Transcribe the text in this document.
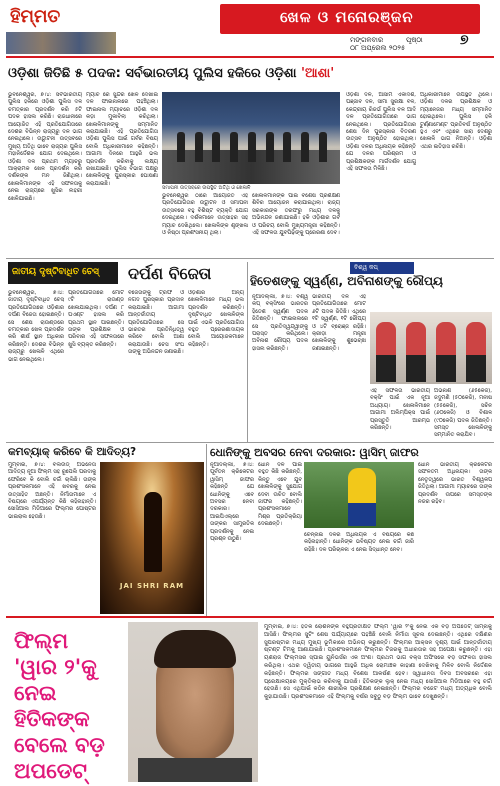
ହିମ୍ମତ	ଖେଳ ଓ ମନୋରଞ୍ଜନ
ମଙ୍ଗଳବାର	ପୃଷ୍ଠା
୦୮ ଅପ୍ରେଲ ୨୦୨୫	୭
ଓଡ଼ିଶା ଜିତିଛି ୫ ପଦକ: ସର୍ବଭାରତୀୟ ପୁଲିସ ହକିରେ ଓଡ଼ିଶା 'ଆଶା'
ଭୁବନେଶ୍ୱର, ୭।୪: ସର୍ବଭାରତୀୟ ପୁଲିସ ହକିରେ ଓଡ଼ିଶା ପୁଲିସ ଦଳ ଚମତ୍କାର ପ୍ରଦର୍ଶନ କରି ୫ଟି ପଦକ ହାସଲ କରିଛି। ରାଜଧାନୀରେ ଆୟୋଜିତ ଏହି ପ୍ରତିଯୋଗିତାରେ ଦେଶର ବିଭିନ୍ନ ରାଜ୍ୟରୁ ଦଳ ଭାଗ ନେଇଥିଲେ। ଉଦ୍ଘାଟନୀ ଉତ୍ସବରେ ମୁଖ୍ୟ ଅତିଥି ଭାବେ ରାଜ୍ୟର ପୁଲିସ ମହାନିର୍ଦ୍ଦେଶକ ଯୋଗ ଦେଇଥିଲେ। ଓଡ଼ିଶା ଦଳ ପ୍ରଥମ ମ୍ୟାଚରୁ ଆକ୍ରାମକ ଖେଳ ପ୍ରଦର୍ଶନ କରି ଦର୍ଶକଙ୍କ ମନ ଜିଣିଥିଲା। ଖେଳାଳିମାନଙ୍କ ଏହି ସଫଳତାକୁ ନେଇ ରାଜ୍ୟରେ ଖୁସିର ଲହରୀ ଖେଳିଯାଇଛି।
ମ୍ୟାଚ ରେ ସୁନ୍ଦର ଖେଳ ଦେଖାଇ ଦଳ ଫାଇନାଲରେ ପହଞ୍ଚିଥିଲା। ଫାଇନାଲ ମ୍ୟାଚରେ ଓଡ଼ିଶା ଦଳ କଡ଼ା ମୁକାବିଲା କରିଥିଲା। ଖେଳାଳିମାନଙ୍କୁ ସମ୍ମାନିତ କରାଯାଇଛି। ଏହି ପ୍ରତିଯୋଗିତା ଓଡ଼ିଶା ପୁଲିସ ପାଇଁ ଗର୍ବର ବିଷୟ ବୋଲି ଅଧିକାରୀମାନେ କହିଛନ୍ତି। ଆଗାମୀ ଦିନରେ ଆହୁରି ଭଲ ପ୍ରଦର୍ଶନ କରିବାକୁ ଲକ୍ଷ୍ୟ ରଖାଯାଇଛି। ପୁଲିସ ବିଭାଗ ପକ୍ଷରୁ ଖେଳାଳିଙ୍କୁ ପୁରସ୍କାର ଘୋଷଣା କରାଯାଇଛି।
ସମାପନୀ ଉତ୍ସବରେ ଉପସ୍ଥିତ ଅତିଥି ଓ ଖେଳାଳି
ଭୁବନେଶ୍ୱର ଠାରେ ଆୟୋଜିତ ଏହି ପ୍ରତିଯୋଗିତାର ଉଦ୍ଘାଟନ ଓ ସମାପନୀ ଉତ୍ସବରେ ବହୁ ବିଶିଷ୍ଟ ବ୍ୟକ୍ତି ଯୋଗ ଦେଇଥିଲେ। ଦର୍ଶକମାନେ ଉତ୍ସାହର ସହ ମ୍ୟାଚ ଦେଖିଥିଲେ। ଖେଳାଳିଙ୍କ ଶୃଙ୍ଖଳା ଓ ନିଷ୍ଠା ପ୍ରଶଂସନୀୟ ଥିଲା।
ଖେଳାଳିମାନଙ୍କ ପାଇଁ ବିଶେଷ ପ୍ରଶିକ୍ଷଣ ଶିବିର ଆୟୋଜନ କରାଯାଇଥିଲା। ରାଜ୍ୟ ସରକାରଙ୍କ ତରଫରୁ ମଧ୍ୟ ଦଳକୁ ଅଭିନନ୍ଦନ ଜଣାଯାଇଛି। ହକି ଓଡ଼ିଶାର ଗର୍ବ ଓ ପରିଚୟ ବୋଲି ମୁଖ୍ୟମନ୍ତ୍ରୀ କହିଛନ୍ତି। ଏହି ସଫଳତା ଯୁବପିଢ଼ିଙ୍କୁ ପ୍ରେରଣା ଦେବ।
ଓଡ଼ିଶା ଦଳ, ଆସାମ ଏକାଦଶ, ପଞ୍ଜାବ ଦଳ, ସୀମା ସୁରକ୍ଷା ବଳ, କେନ୍ଦ୍ରୀୟ ରିଜର୍ଭ ପୁଲିସ ବଳ ଆଦି ଦଳ ପ୍ରତିଯୋଗିତାରେ ଭାଗ ନେଇଥିଲେ। ପ୍ରତିଯୋଗିତାର ଶେଷ ଦିନ ପୁରସ୍କାର ବିତରଣ ଉତ୍ସବ ଅନୁଷ୍ଠିତ ହୋଇଥିଲା। ଓଡ଼ିଶା ଦଳର ଅଧିନାୟକ କହିଛନ୍ତି ଯେ ଦଳର ପରିଶ୍ରମ ଓ ପ୍ରଶିକ୍ଷକଙ୍କ ମାର୍ଗଦର୍ଶନ ଯୋଗୁ ଏହି ସଫଳତା ମିଳିଛି।
ଅଧିକାରୀମାନେ ଉପସ୍ଥିତ ଥିଲେ। ଓଡ଼ିଶା ଦଳର ପ୍ରଶିକ୍ଷକ ଓ ମ୍ୟାନେଜର ମଧ୍ୟ ସମ୍ମାନିତ ହୋଇଥିଲେ। ପୁଲିସ ହକି ଟୁର୍ଣ୍ଣାମେଣ୍ଟ ପ୍ରତିବର୍ଷ ଅନୁଷ୍ଠିତ ହୁଏ ଏବଂ ଏଥିରେ ସାରା ଦେଶରୁ ଖେଳାଳି ଭାଗ ନିଅନ୍ତି। ଓଡ଼ିଶା ଏଥର ଇତିହାସ ରଚିଛି।
ଜାତୀୟ ଦୃଷ୍ଟିବାଧିତ ଚେସ୍	ଦର୍ପଣ ବିଜେତା
ଭୁବନେଶ୍ୱର, ୭।୪: ଜାତୀୟ ଦୃଷ୍ଟିବାଧିତ ଚେସ୍ ପ୍ରତିଯୋଗିତାରେ ଓଡ଼ିଶାର ଦର୍ପଣ ବିଜେତା ହୋଇଛନ୍ତି। ସେ ଶେଷ ରାଉଣ୍ଡରେ ଚମତ୍କାର ଖେଳ ପ୍ରଦର୍ଶନ କରି ଶୀର୍ଷ ସ୍ଥାନ ଅଧିକାର କରିଛନ୍ତି। ଦେଶର ବିଭିନ୍ନ ରାଜ୍ୟରୁ ଖେଳାଳି ଏଥିରେ ଭାଗ ନେଇଥିଲେ।
ପ୍ରତିଯୋଗିତାରେ ମୋଟ ୯ଟି ରାଉଣ୍ଡ ଖେଳାଯାଇଥିଲା। ଦର୍ପଣ ୮ ପଏଣ୍ଟ ହାସଲ କରି ପ୍ରଥମ ସ୍ଥାନ ପାଇଛନ୍ତି। ତାଙ୍କ ପ୍ରଶିକ୍ଷକ ଓ ପରିବାର ଏହି ସଫଳତାରେ ଖୁସି ବ୍ୟକ୍ତ କରିଛନ୍ତି।
ବିଜେତାଙ୍କୁ ଟ୍ରଫି ଓ ନଗଦ ପୁରସ୍କାର ପ୍ରଦାନ କରାଯାଇଛି। ଆଗାମୀ ଆନ୍ତର୍ଜାତୀୟ ପ୍ରତିଯୋଗିତାରେ ସେ ଭାରତର ପ୍ରତିନିଧିତ୍ୱ କରିବେ ବୋଲି ଆଶା କରାଯାଉଛି। ଚେସ ସଂଘ ତାଙ୍କୁ ଅଭିନନ୍ଦନ ଜଣାଇଛି।
ଓଡ଼ିଶାର ଅନ୍ୟ ଖେଳାଳିମାନେ ମଧ୍ୟ ଭଲ ପ୍ରଦର୍ଶନ କରିଛନ୍ତି। ଦୃଷ୍ଟିବାଧିତ ଖେଳାଳିଙ୍କ ପାଇଁ ଏଭଳି ପ୍ରତିଯୋଗିତା ବହୁତ ପ୍ରେରଣାଦାୟକ ବୋଲି ଆୟୋଜକମାନେ କହିଛନ୍ତି।
ବିଶ୍ୱ କପ୍
ହିତେଶଙ୍କୁ ସ୍ୱର୍ଣ୍ଣ, ଅବିନାଶଙ୍କୁ ରୌପ୍ୟ
ନୂଆଦିଲ୍ଲୀ, ୭।୪: ବିଶ୍ୱ କପ୍ ବକ୍ସିଂରେ ଭାରତର ହିତେଶ ସ୍ୱର୍ଣ୍ଣ ପଦକ ଜିତିଛନ୍ତି। ଫାଇନାଲରେ ସେ ପ୍ରତିଦ୍ୱନ୍ଦ୍ୱୀଙ୍କୁ ପରାସ୍ତ କରିଥିଲେ। ଅବିନାଶ ରୌପ୍ୟ ପଦକ ହାସଲ କରିଛନ୍ତି।
ଭାରତୀୟ ଦଳ ଏହି ପ୍ରତିଯୋଗିତାରେ ମୋଟ ୬ଟି ପଦକ ଜିତିଛି। ଏଥିରେ ୧ଟି ସ୍ୱର୍ଣ୍ଣ, ୧ଟି ରୌପ୍ୟ ଓ ୪ଟି ବ୍ରୋଞ୍ଜ ରହିଛି। କ୍ରୀଡ଼ା ମନ୍ତ୍ରୀ ଖେଳାଳିଙ୍କୁ ଶୁଭେଚ୍ଛା ଜଣାଇଛନ୍ତି।
ଏହି ସଫଳତା ଭାରତୀୟ ବକ୍ସିଂ ପାଇଁ ଏକ ନୂଆ ଅଧ୍ୟାୟ। ଖେଳାଳିମାନେ ଆଗାମୀ ଅଲିମ୍ପିକ୍ସ ପାଇଁ ପ୍ରସ୍ତୁତି ଆରମ୍ଭ କରିଛନ୍ତି।
ଅଭିନାଶ (୬୫କେଜି), ଜଦୁମଣି (୫୦କେଜି), ମନୀଷ (୫୫କେଜି), ସଚିନ (୬୦କେଜି) ଓ ବିଶାଳ (୯୦କେଜି) ପଦକ ଜିତିଛନ୍ତି। ସମସ୍ତ ଖେଳାଳିଙ୍କୁ ସମ୍ମାନିତ କରାଯିବ।
କମବ୍ୟାକ୍ କରିବେ କି ଆଦିତ୍ୟ?
ମୁମ୍ବାଇ, ୭।୪: ବଲିଉଡ୍ ଅଭିନେତା ଆଦିତ୍ୟ ନୂଆ ଫିଲ୍ମ ସହ ରୂପେଲି ପରଦାକୁ ଫେରିବେ କି ବୋଲି ଚର୍ଚ୍ଚା ଚାଲିଛି। ତାଙ୍କ ପ୍ରଶଂସକମାନେ ଏହି ଖବରକୁ ନେଇ ଉତ୍ସାହିତ ଅଛନ୍ତି। ନିର୍ମାତାମାନେ ଏ ବିଷୟରେ ଏପର୍ଯ୍ୟନ୍ତ କିଛି କହିନାହାନ୍ତି। ସୋସିଆଲ ମିଡିଆରେ ଫିଲ୍ମର ପୋଷ୍ଟର ଭାଇରାଲ ହେଉଛି।
JAI SHRI RAM
ଧୋନିଙ୍କୁ ଅବସର ନେବା ଦରକାର: ୱାସିମ୍ ଜାଫର
ନୂଆଦିଲ୍ଲୀ, ୭।୪: ପୂର୍ବତନ କ୍ରିକେଟର ୱାସିମ୍ ଜାଫର କହିଛନ୍ତି ଯେ ଧୋନିଙ୍କୁ ଏବେ ଅବସର ନେବା ଦରକାର। ଆଇପିଏଲ୍ରେ ତାଙ୍କର ସାମ୍ପ୍ରତିକ ପ୍ରଦର୍ଶନକୁ ନେଇ ପ୍ରଶ୍ନ ଉଠୁଛି।
ଧୋନି ଦଳ ପାଇଁ ବହୁତ କିଛି କରିଛନ୍ତି, କିନ୍ତୁ ଏବେ ଯୁବ ଖେଳାଳିଙ୍କୁ ସୁଯୋଗ ଦେବା ଉଚିତ ବୋଲି ଜାଫର କହିଛନ୍ତି। ପ୍ରଶଂସକମାନେ ମିଶ୍ର ପ୍ରତିକ୍ରିୟା ଦେଇଛନ୍ତି।
ଚେନ୍ନାଇ ଦଳର ଅଧିନାୟକ ଏ ବିଷୟରେ କିଛି କହିନାହାନ୍ତି। ଧୋନିଙ୍କ ଭବିଷ୍ୟତ ନେଇ ଚର୍ଚ୍ଚା ଜାରି ରହିଛି। ଦଳ ପରିଚାଳନା ଏ ନେଇ ସିଦ୍ଧାନ୍ତ ନେବ।
ଧୋନି ଭାରତୀୟ କ୍ରିକେଟର ସଫଳତମ ଅଧିନାୟକ। ତାଙ୍କ ନେତୃତ୍ୱରେ ଭାରତ ବିଶ୍ୱକପ ଜିତିଥିଲା। ଆଗାମୀ ମ୍ୟାଚରେ ତାଙ୍କ ପ୍ରଦର୍ଶନ ଉପରେ ସମସ୍ତଙ୍କ ନଜର ରହିବ।
ଫିଲ୍ମ 'ୱାର ୨'କୁ ନେଇ ହିତିକଙ୍କ ବେଲେ ବଡ଼ ଅପଡେଟ୍
ମୁମ୍ବାଇ, ୭।୪: ହିତିକ ରୋଶନଙ୍କ ବହୁପ୍ରତୀକ୍ଷିତ ଫିଲ୍ମ 'ୱାର ୨'କୁ ନେଇ ଏକ ବଡ଼ ଅପଡେଟ୍ ସାମ୍ନାକୁ ଆସିଛି। ଫିଲ୍ମର ସୁଟିଂ ଶେଷ ପର୍ଯ୍ୟାୟରେ ପହଞ୍ଚିଛି ବୋଲି ନିର୍ମାତା ସୂଚନା ଦେଇଛନ୍ତି। ଏଥିରେ ଦକ୍ଷିଣର ସୁପରଷ୍ଟାର ମଧ୍ୟ ମୁଖ୍ୟ ଭୂମିକାରେ ଅଭିନୟ କରୁଛନ୍ତି। ଫିଲ୍ମର ଆକ୍ସନ ଦୃଶ୍ୟ ପାଇଁ ଆନ୍ତର୍ଜାତୀୟ ଷ୍ଟଣ୍ଟ ଟିମକୁ ଆଣାଯାଇଛି। ପ୍ରଶଂସକମାନେ ଫିଲ୍ମର ଟିଜରକୁ ଅଧୀରତାର ସହ ଅପେକ୍ଷା କରୁଛନ୍ତି। ଏହା ୟଶରାଜ ଫିଲ୍ମସର ସ୍ପାଇ ୟୁନିଭର୍ସର ଏକ ଅଂଶ। ପ୍ରଥମ ଭାଗ ବକ୍ସ ଅଫିସରେ ବଡ଼ ସଫଳତା ହାସଲ କରିଥିଲା। ଏଥର ଦ୍ୱିତୀୟ ଭାଗରେ ଆହୁରି ଅଧିକ ରୋମାଞ୍ଚକ କାହାଣୀ ଦେଖିବାକୁ ମିଳିବ ବୋଲି ନିର୍ଦ୍ଦେଶକ କହିଛନ୍ତି। ଫିଲ୍ମର ସଙ୍ଗୀତ ମଧ୍ୟ ବିଶେଷ ଆକର୍ଷଣ ହେବ। ସ୍ୱାଧୀନତା ଦିବସ ଅବସରରେ ଏହା ପ୍ରେକ୍ଷାଳୟରେ ମୁକ୍ତିଲାଭ କରିବାକୁ ଯାଉଛି। ହିତିକଙ୍କ ଲୁକ୍ ନେଇ ମଧ୍ୟ ସୋସିଆଲ ମିଡିଆରେ ବହୁ ଚର୍ଚ୍ଚା ହେଉଛି। ସେ ଏଥିପାଇଁ କଠିନ ଶାରୀରିକ ପ୍ରଶିକ୍ଷଣ ନେଇଛନ୍ତି। ଫିଲ୍ମର ବଜେଟ ମଧ୍ୟ ଅତ୍ୟଧିକ ବୋଲି କୁହାଯାଉଛି। ପ୍ରଶଂସକମାନେ ଏହି ଫିଲ୍ମକୁ ବର୍ଷର ସବୁଠୁ ବଡ଼ ଫିଲ୍ମ ଭାବେ ଦେଖୁଛନ୍ତି।
